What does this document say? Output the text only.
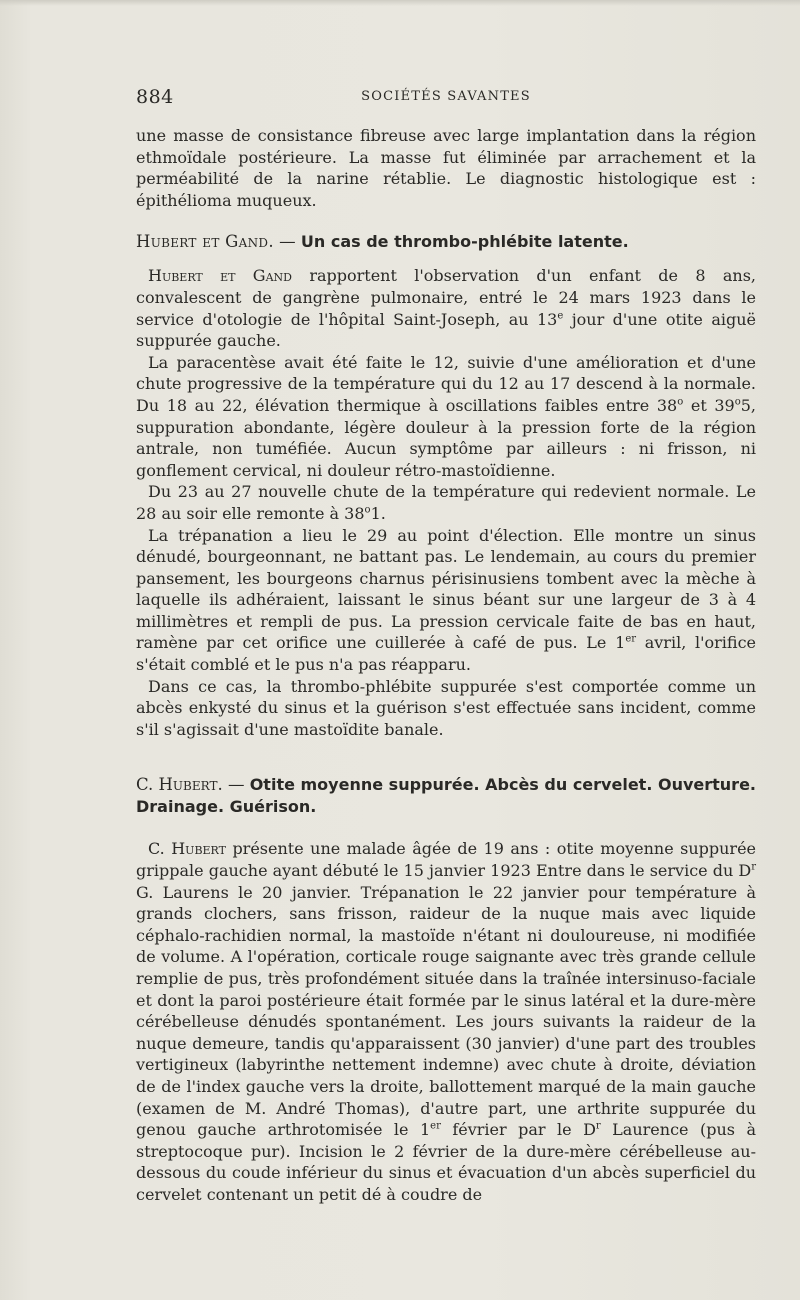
884	SOCIÉTÉS SAVANTES

une masse de consistance fibreuse avec large implantation dans la région ethmoïdale postérieure. La masse fut éliminée par arrachement et la perméabilité de la narine rétablie. Le diagnostic histologique est : épithélioma muqueux.

Hubert et Gand. — Un cas de thrombo-phlébite latente.

Hubert et Gand rapportent l'observation d'un enfant de 8 ans, convalescent de gangrène pulmonaire, entré le 24 mars 1923 dans le service d'otologie de l'hôpital Saint-Joseph, au 13e jour d'une otite aiguë suppurée gauche.

La paracentèse avait été faite le 12, suivie d'une amélioration et d'une chute progressive de la température qui du 12 au 17 descend à la normale. Du 18 au 22, élévation thermique à oscillations faibles entre 38$^o$ et 39$^o$5, suppuration abondante, légère douleur à la pression forte de la région antrale, non tuméfiée. Aucun symptôme par ailleurs : ni frisson, ni gonflement cervical, ni douleur rétro-mastoïdienne.

Du 23 au 27 nouvelle chute de la température qui redevient normale. Le 28 au soir elle remonte à 38$^o$1.

La trépanation a lieu le 29 au point d'élection. Elle montre un sinus dénudé, bourgeonnant, ne battant pas. Le lendemain, au cours du premier pansement, les bourgeons charnus périsinusiens tombent avec la mèche à laquelle ils adhéraient, laissant le sinus béant sur une largeur de 3 à 4 millimètres et rempli de pus. La pression cervicale faite de bas en haut, ramène par cet orifice une cuillerée à café de pus. Le 1er avril, l'orifice s'était comblé et le pus n'a pas réapparu.

Dans ce cas, la thrombo-phlébite suppurée s'est comportée comme un abcès enkysté du sinus et la guérison s'est effectuée sans incident, comme s'il s'agissait d'une mastoïdite banale.

C. Hubert. — Otite moyenne suppurée. Abcès du cervelet. Ouverture. Drainage. Guérison.

C. Hubert présente une malade âgée de 19 ans : otite moyenne suppurée grippale gauche ayant débuté le 15 janvier 1923 Entre dans le service du $D^r$ G. Laurens le 20 janvier. Trépanation le 22 janvier pour température à grands clochers, sans frisson, raideur de la nuque mais avec liquide céphalo-rachidien normal, la mastoïde n'étant ni douloureuse, ni modifiée de volume. A l'opération, corticale rouge saignante avec très grande cellule remplie de pus, très profondément située dans la traînée intersinuso-faciale et dont la paroi postérieure était formée par le sinus latéral et la dure-mère cérébelleuse dénudés spontanément. Les jours suivants la raideur de la nuque demeure, tandis qu'apparaissent (30 janvier) d'une part des troubles vertigineux (labyrinthe nettement indemne) avec chute à droite, déviation de de l'index gauche vers la droite, ballottement marqué de la main gauche (examen de M. André Thomas), d'autre part, une arthrite suppurée du genou gauche arthrotomisée le 1er février par le $D^r$ Laurence (pus à streptocoque pur). Incision le 2 février de la dure-mère cérébelleuse au-dessous du coude inférieur du sinus et évacuation d'un abcès superficiel du cervelet contenant un petit dé à coudre de
